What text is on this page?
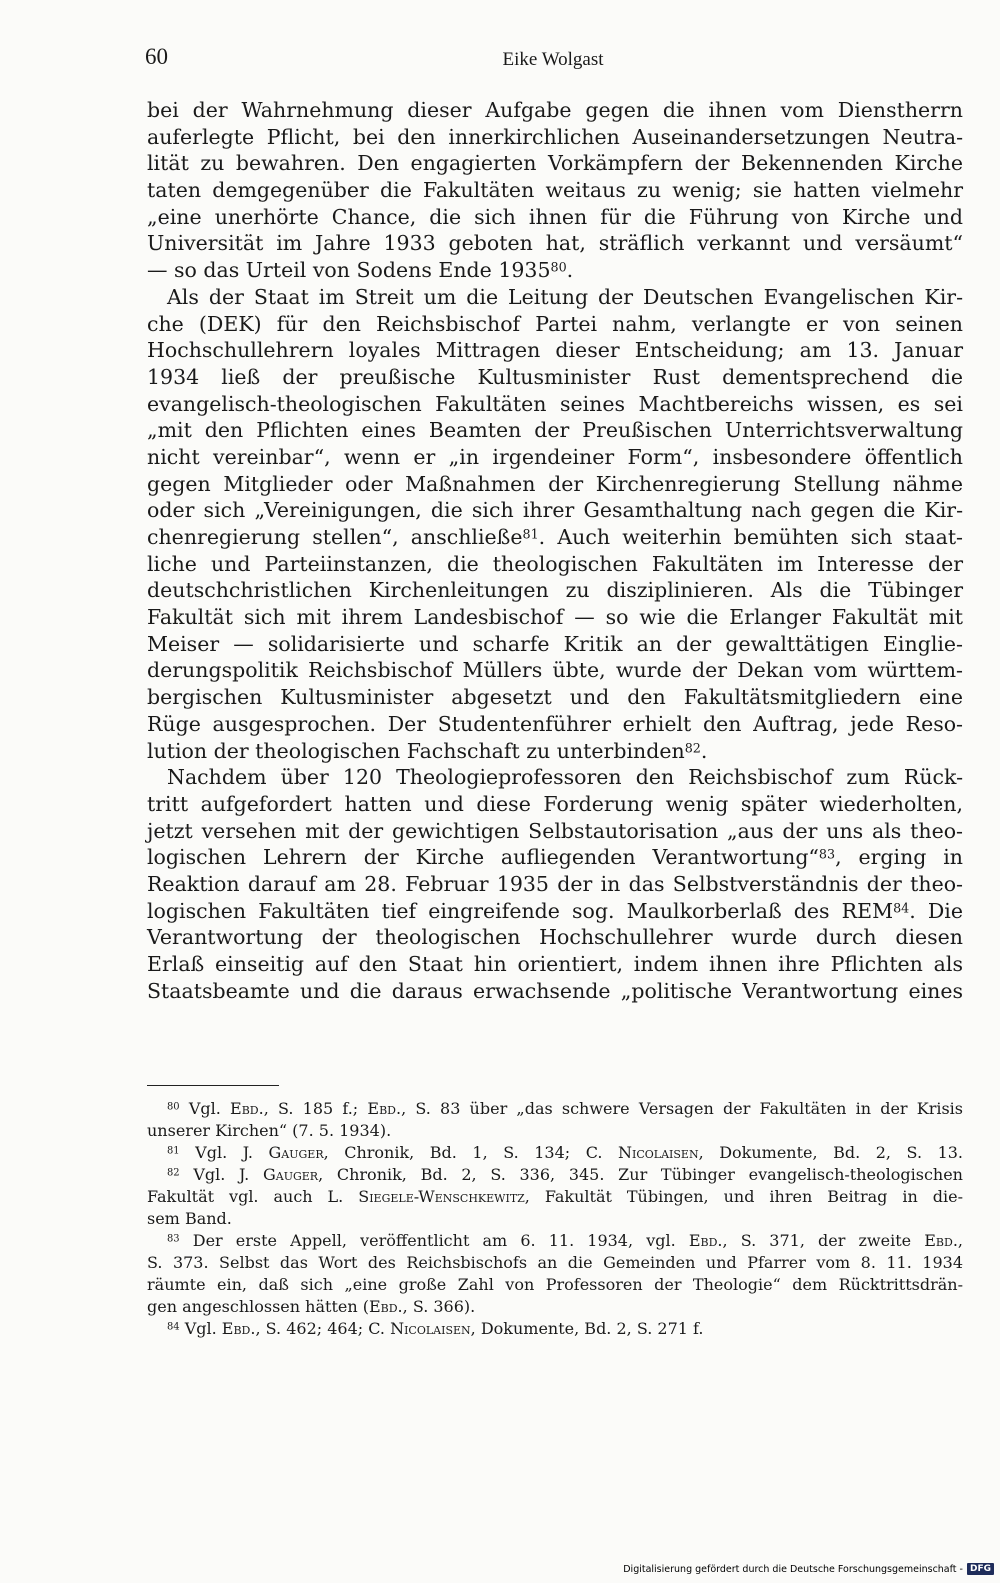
60	Eike Wolgast
bei der Wahrnehmung dieser Aufgabe gegen die ihnen vom Dienstherrn
auferlegte Pflicht, bei den innerkirchlichen Auseinandersetzungen Neutra-
lität zu bewahren. Den engagierten Vorkämpfern der Bekennenden Kirche
taten demgegenüber die Fakultäten weitaus zu wenig; sie hatten vielmehr
„eine unerhörte Chance, die sich ihnen für die Führung von Kirche und
Universität im Jahre 1933 geboten hat, sträflich verkannt und versäumt“
— so das Urteil von Sodens Ende 1935$^{80}$.
Als der Staat im Streit um die Leitung der Deutschen Evangelischen Kir-
che (DEK) für den Reichsbischof Partei nahm, verlangte er von seinen
Hochschullehrern loyales Mittragen dieser Entscheidung; am 13. Januar
1934 ließ der preußische Kultusminister Rust dementsprechend die
evangelisch-theologischen Fakultäten seines Machtbereichs wissen, es sei
„mit den Pflichten eines Beamten der Preußischen Unterrichtsverwaltung
nicht vereinbar“, wenn er „in irgendeiner Form“, insbesondere öffentlich
gegen Mitglieder oder Maßnahmen der Kirchenregierung Stellung nähme
oder sich „Vereinigungen, die sich ihrer Gesamthaltung nach gegen die Kir-
chenregierung stellen“, anschließe$^{81}$. Auch weiterhin bemühten sich staat-
liche und Parteiinstanzen, die theologischen Fakultäten im Interesse der
deutschchristlichen Kirchenleitungen zu disziplinieren. Als die Tübinger
Fakultät sich mit ihrem Landesbischof — so wie die Erlanger Fakultät mit
Meiser — solidarisierte und scharfe Kritik an der gewalttätigen Einglie-
derungspolitik Reichsbischof Müllers übte, wurde der Dekan vom württem-
bergischen Kultusminister abgesetzt und den Fakultätsmitgliedern eine
Rüge ausgesprochen. Der Studentenführer erhielt den Auftrag, jede Reso-
lution der theologischen Fachschaft zu unterbinden$^{82}$.
Nachdem über 120 Theologieprofessoren den Reichsbischof zum Rück-
tritt aufgefordert hatten und diese Forderung wenig später wiederholten,
jetzt versehen mit der gewichtigen Selbstautorisation „aus der uns als theo-
logischen Lehrern der Kirche aufliegenden Verantwortung“$^{83}$, erging in
Reaktion darauf am 28. Februar 1935 der in das Selbstverständnis der theo-
logischen Fakultäten tief eingreifende sog. Maulkorberlaß des REM$^{84}$. Die
Verantwortung der theologischen Hochschullehrer wurde durch diesen
Erlaß einseitig auf den Staat hin orientiert, indem ihnen ihre Pflichten als
Staatsbeamte und die daraus erwachsende „politische Verantwortung eines
$^{80}$ Vgl. Ebd., S. 185 f.; Ebd., S. 83 über „das schwere Versagen der Fakultäten in der Krisis
unserer Kirchen“ (7. 5. 1934).
$^{81}$ Vgl. J. Gauger, Chronik, Bd. 1, S. 134; C. Nicolaisen, Dokumente, Bd. 2, S. 13.
$^{82}$ Vgl. J. Gauger, Chronik, Bd. 2, S. 336, 345. Zur Tübinger evangelisch-theologischen
Fakultät vgl. auch L. Siegele-Wenschkewitz, Fakultät Tübingen, und ihren Beitrag in die-
sem Band.
$^{83}$ Der erste Appell, veröffentlicht am 6. 11. 1934, vgl. Ebd., S. 371, der zweite Ebd.,
S. 373. Selbst das Wort des Reichsbischofs an die Gemeinden und Pfarrer vom 8. 11. 1934
räumte ein, daß sich „eine große Zahl von Professoren der Theologie“ dem Rücktrittsdrän-
gen angeschlossen hätten (Ebd., S. 366).
$^{84}$ Vgl. Ebd., S. 462; 464; C. Nicolaisen, Dokumente, Bd. 2, S. 271 f.
Digitalisierung gefördert durch die Deutsche Forschungsgemeinschaft - DFG
